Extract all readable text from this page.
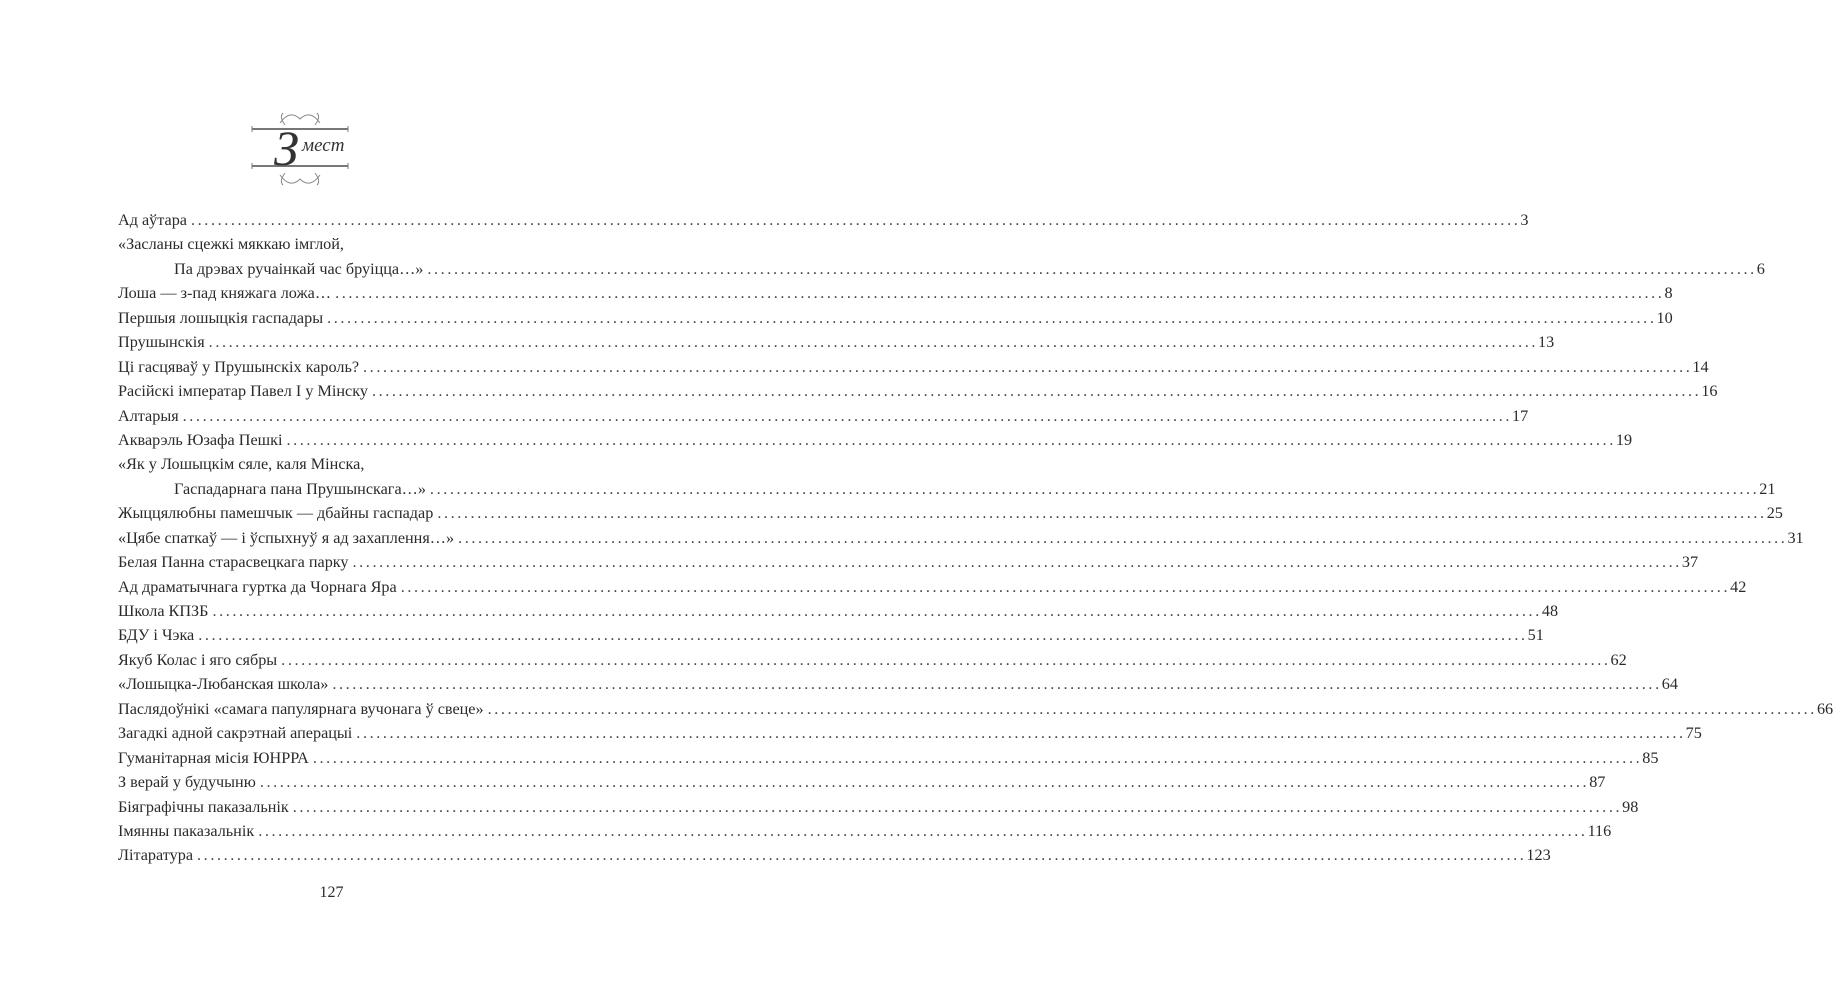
З мест
Ад аўтара ........................................................................................................................................................................................................ 3
«Засланы сцежкі мяккаю імглой,
Па дрэвах ручаінкай час бруіцца…» ........................................................................................................................................................................................................ 6
Лоша — з-пад княжага ложа… ........................................................................................................................................................................................................ 8
Першыя лошыцкія гаспадары ........................................................................................................................................................................................................ 10
Прушынскія ........................................................................................................................................................................................................ 13
Ці гасцяваў у Прушынскіх кароль? ........................................................................................................................................................................................................ 14
Расійскі імператар Павел І у Мінску ........................................................................................................................................................................................................ 16
Алтарыя ........................................................................................................................................................................................................ 17
Акварэль Юзафа Пешкі ........................................................................................................................................................................................................ 19
«Як у Лошыцкім сяле, каля Мінска,
Гаспадарнага пана Прушынскага…» ........................................................................................................................................................................................................ 21
Жыццялюбны памешчык — дбайны гаспадар ........................................................................................................................................................................................................ 25
«Цябе спаткаў — і ўспыхнуў я ад захаплення…» ........................................................................................................................................................................................................ 31
Белая Панна старасвецкага парку ........................................................................................................................................................................................................ 37
Ад драматычнага гуртка да Чорнага Яра ........................................................................................................................................................................................................ 42
Школа КПЗБ ........................................................................................................................................................................................................ 48
БДУ і Чэка ........................................................................................................................................................................................................ 51
Якуб Колас і яго сябры ........................................................................................................................................................................................................ 62
«Лошыцка-Любанская школа» ........................................................................................................................................................................................................ 64
Паслядоўнікі «самага папулярнага вучонага ў свеце» ........................................................................................................................................................................................................ 66
Загадкі адной сакрэтнай аперацыі ........................................................................................................................................................................................................ 75
Гуманітарная місія ЮНРРА ........................................................................................................................................................................................................ 85
З верай у будучыню ........................................................................................................................................................................................................ 87
Біяграфічны паказальнік ........................................................................................................................................................................................................ 98
Імянны паказальнік ........................................................................................................................................................................................................ 116
Літаратура ........................................................................................................................................................................................................ 123
127
